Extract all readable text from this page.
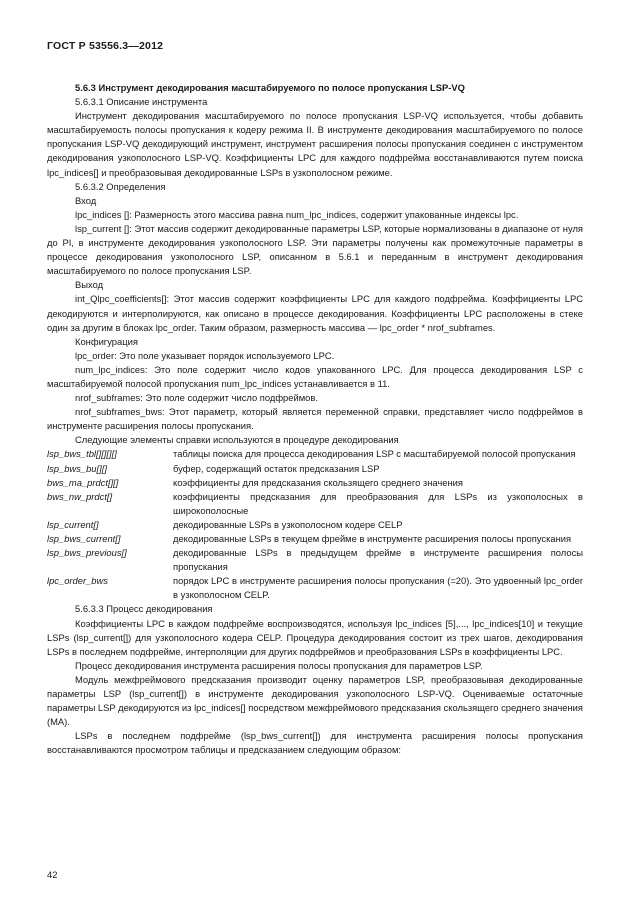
ГОСТ Р 53556.3—2012

5.6.3 Инструмент декодирования масштабируемого по полосе пропускания LSP-VQ

5.6.3.1 Описание инструмента

Инструмент декодирования масштабируемого по полосе пропускания LSP-VQ используется, чтобы добавить масштабируемость полосы пропускания к кодеру режима II. В инструменте декодирования масштабируемого по полосе пропускания LSP-VQ декодирующий инструмент, инструмент расширения полосы пропускания соединен с инструментом декодирования узкополосного LSP-VQ. Коэффициенты LPC для каждого подфрейма восстанавливаются путем поиска lpc_indices[] и преобразовывая декодированные LSPs в узкополосном режиме.

5.6.3.2 Определения

Вход

lpc_indices []: Размерность этого массива равна num_lpc_indices, содержит упакованные индексы lpc.

lsp_current []: Этот массив содержит декодированные параметры LSP, которые нормализованы в диапазоне от нуля до PI, в инструменте декодирования узкополосного LSP. Эти параметры получены как промежуточные параметры в процессе декодирования узкополосного LSP, описанном в 5.6.1 и переданным в инструмент декодирования масштабируемого по полосе пропускания LSP.

Выход

int_Qlpc_coefficients[]: Этот массив содержит коэффициенты LPC для каждого подфрейма. Коэффициенты LPC декодируются и интерполируются, как описано в процессе декодирования. Коэффициенты LPC расположены в стеке один за другим в блоках lpc_order. Таким образом, размерность массива — lpc_order * nrof_subframes.

Конфигурация

lpc_order: Это поле указывает порядок используемого LPC.

num_lpc_indices: Это поле содержит число кодов упакованного LPC. Для процесса декодирования LSP с масштабируемой полосой пропускания num_lpc_indices устанавливается в 11.

nrof_subframes: Это поле содержит число подфреймов.

nrof_subframes_bws: Этот параметр, который является переменной справки, представляет число подфреймов в инструменте расширения полосы пропускания.

Следующие элементы справки используются в процедуре декодирования

lsp_bws_tbl[][][][]	таблицы поиска для процесса декодирования LSP с масштабируемой полосой пропускания
lsp_bws_bu[][]	буфер, содержащий остаток предсказания LSP
bws_ma_prdct[][]	коэффициенты для предсказания скользящего среднего значения
bws_nw_prdct[]	коэффициенты предсказания для преобразования для LSPs из узкополосных в широкополосные
lsp_current[]	декодированные LSPs в узкополосном кодере CELP
lsp_bws_current[]	декодированные LSPs в текущем фрейме в инструменте расширения полосы пропускания
lsp_bws_previous[]	декодированные LSPs в предыдущем фрейме в инструменте расширения полосы пропускания
lpc_order_bws	порядок LPC в инструменте расширения полосы пропускания (=20). Это удвоенный lpc_order в узкополосном CELP.

5.6.3.3 Процесс декодирования

Коэффициенты LPC в каждом подфрейме воспроизводятся, используя lpc_indices [5],..., lpc_indices[10] и текущие LSPs (lsp_current[]) для узкополосного кодера CELP. Процедура декодирования состоит из трех шагов, декодирования LSPs в последнем подфрейме, интерполяции для других подфреймов и преобразования LSPs в коэффициенты LPC.

Процесс декодирования инструмента расширения полосы пропускания для параметров LSP.

Модуль межфреймового предсказания производит оценку параметров LSP, преобразовывая декодированные параметры LSP (lsp_current[]) в инструменте декодирования узкополосного LSP-VQ. Оцениваемые остаточные параметры LSP декодируются из lpc_indices[] посредством межфреймового предсказания скользящего среднего значения (MA).

LSPs в последнем подфрейме (lsp_bws_current[]) для инструмента расширения полосы пропускания восстанавливаются просмотром таблицы и предсказанием следующим образом:

42
